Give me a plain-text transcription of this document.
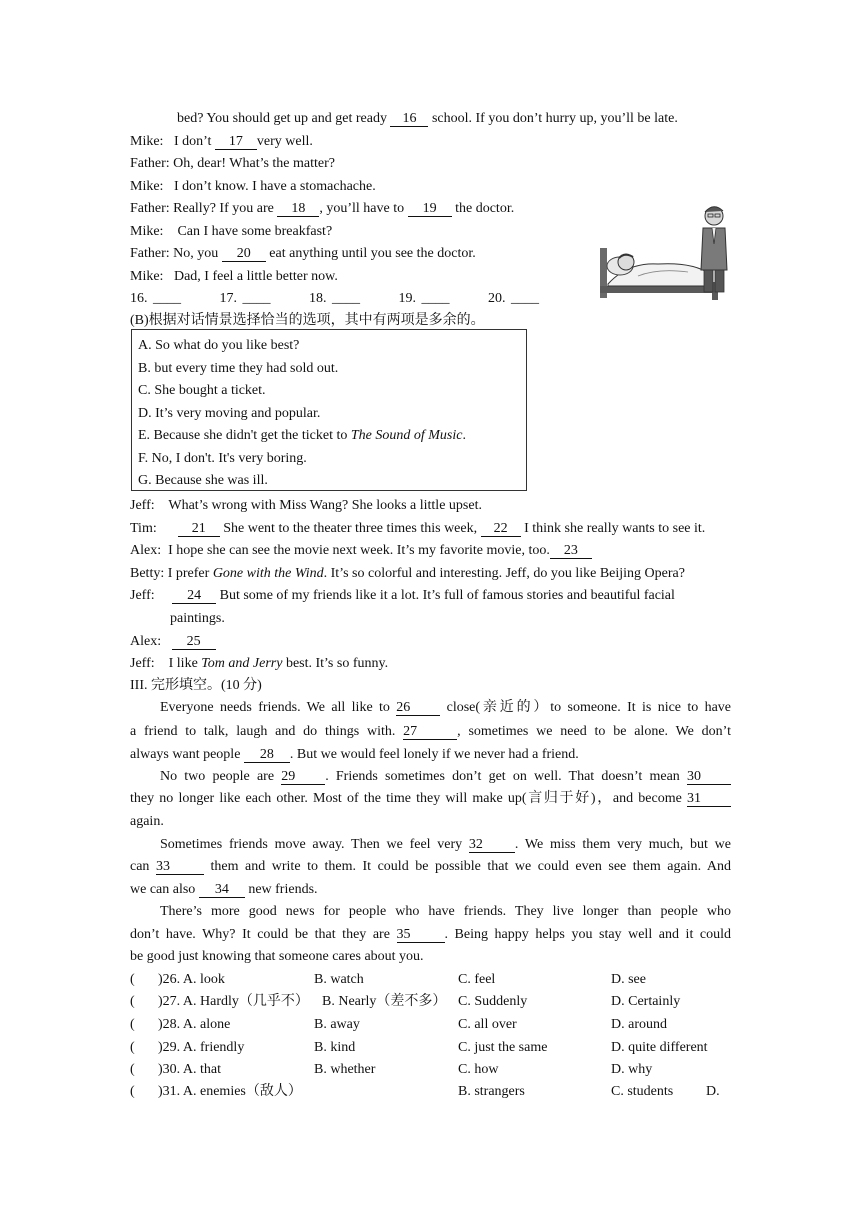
bed? You should get up and get ready 16 school. If you don’t hurry up, you’ll be late.
Mike: I don’t 17 very well.
Father: Oh, dear! What’s the matter?
Mike: I don’t know. I have a stomachache.
Father: Really? If you are 18 , you’ll have to 19 the doctor.
Mike: Can I have some breakfast?
Father: No, you 20 eat anything until you see the doctor.
Mike: Dad, I feel a little better now.
16. ____	17. ____	18. ____	19. ____	20. ____
(B)根据对话情景选择恰当的选项，其中有两项是多余的。
A. So what do you like best?
B. but every time they had sold out.
C. She bought a ticket.
D. It’s very moving and popular.
E. Because she didn't get the ticket to The Sound of Music.
F. No, I don't. It's very boring.
G. Because she was ill.
Jeff: What’s wrong with Miss Wang? She looks a little upset.
Tim:	21 She went to the theater three times this week, 22 I think she really wants to see it.
Alex: I hope she can see the movie next week. It’s my favorite movie, too. 23
Betty: I prefer Gone with the Wind. It’s so colorful and interesting. Jeff, do you like Beijing Opera?
Jeff: 24 But some of my friends like it a lot. It’s full of famous stories and beautiful facial
paintings.
Alex: 25
Jeff: I like Tom and Jerry best. It’s so funny.
III. 完形填空。(10 分)
Everyone needs friends. We all like to 26	close(亲近的）to someone. It is nice to have
a friend to talk, laugh and do things with. 27	, sometimes we need to be alone. We don’t
always want people 28 . But we would feel lonely if we never had a friend.
No two people are 29 . Friends sometimes don’t get on well. That doesn’t mean 30
they no longer like each other. Most of the time they will make up(言归于好)，and become 31
again.
Sometimes friends move away. Then we feel very 32 . We miss them very much, but we
can 33	them and write to them. It could be possible that we could even see them again. And
we can also 34 new friends.
There’s more good news for people who have friends. They live longer than people who
don’t have. Why? It could be that they are 35 . Being happy helps you stay well and it could
be good just knowing that someone cares about you.
( )26. A. look	B. watch	C. feel	D. see
( )27. A. Hardly（几乎不） B. Nearly（差不多） C. Suddenly	D. Certainly
( )28. A. alone	B. away	C. all over	D. around
( )29. A. friendly	B. kind	C. just the same	D. quite different
( )30. A. that	B. whether	C. how	D. why
( )31. A. enemies（敌人）	B. strangers	C. students D.
